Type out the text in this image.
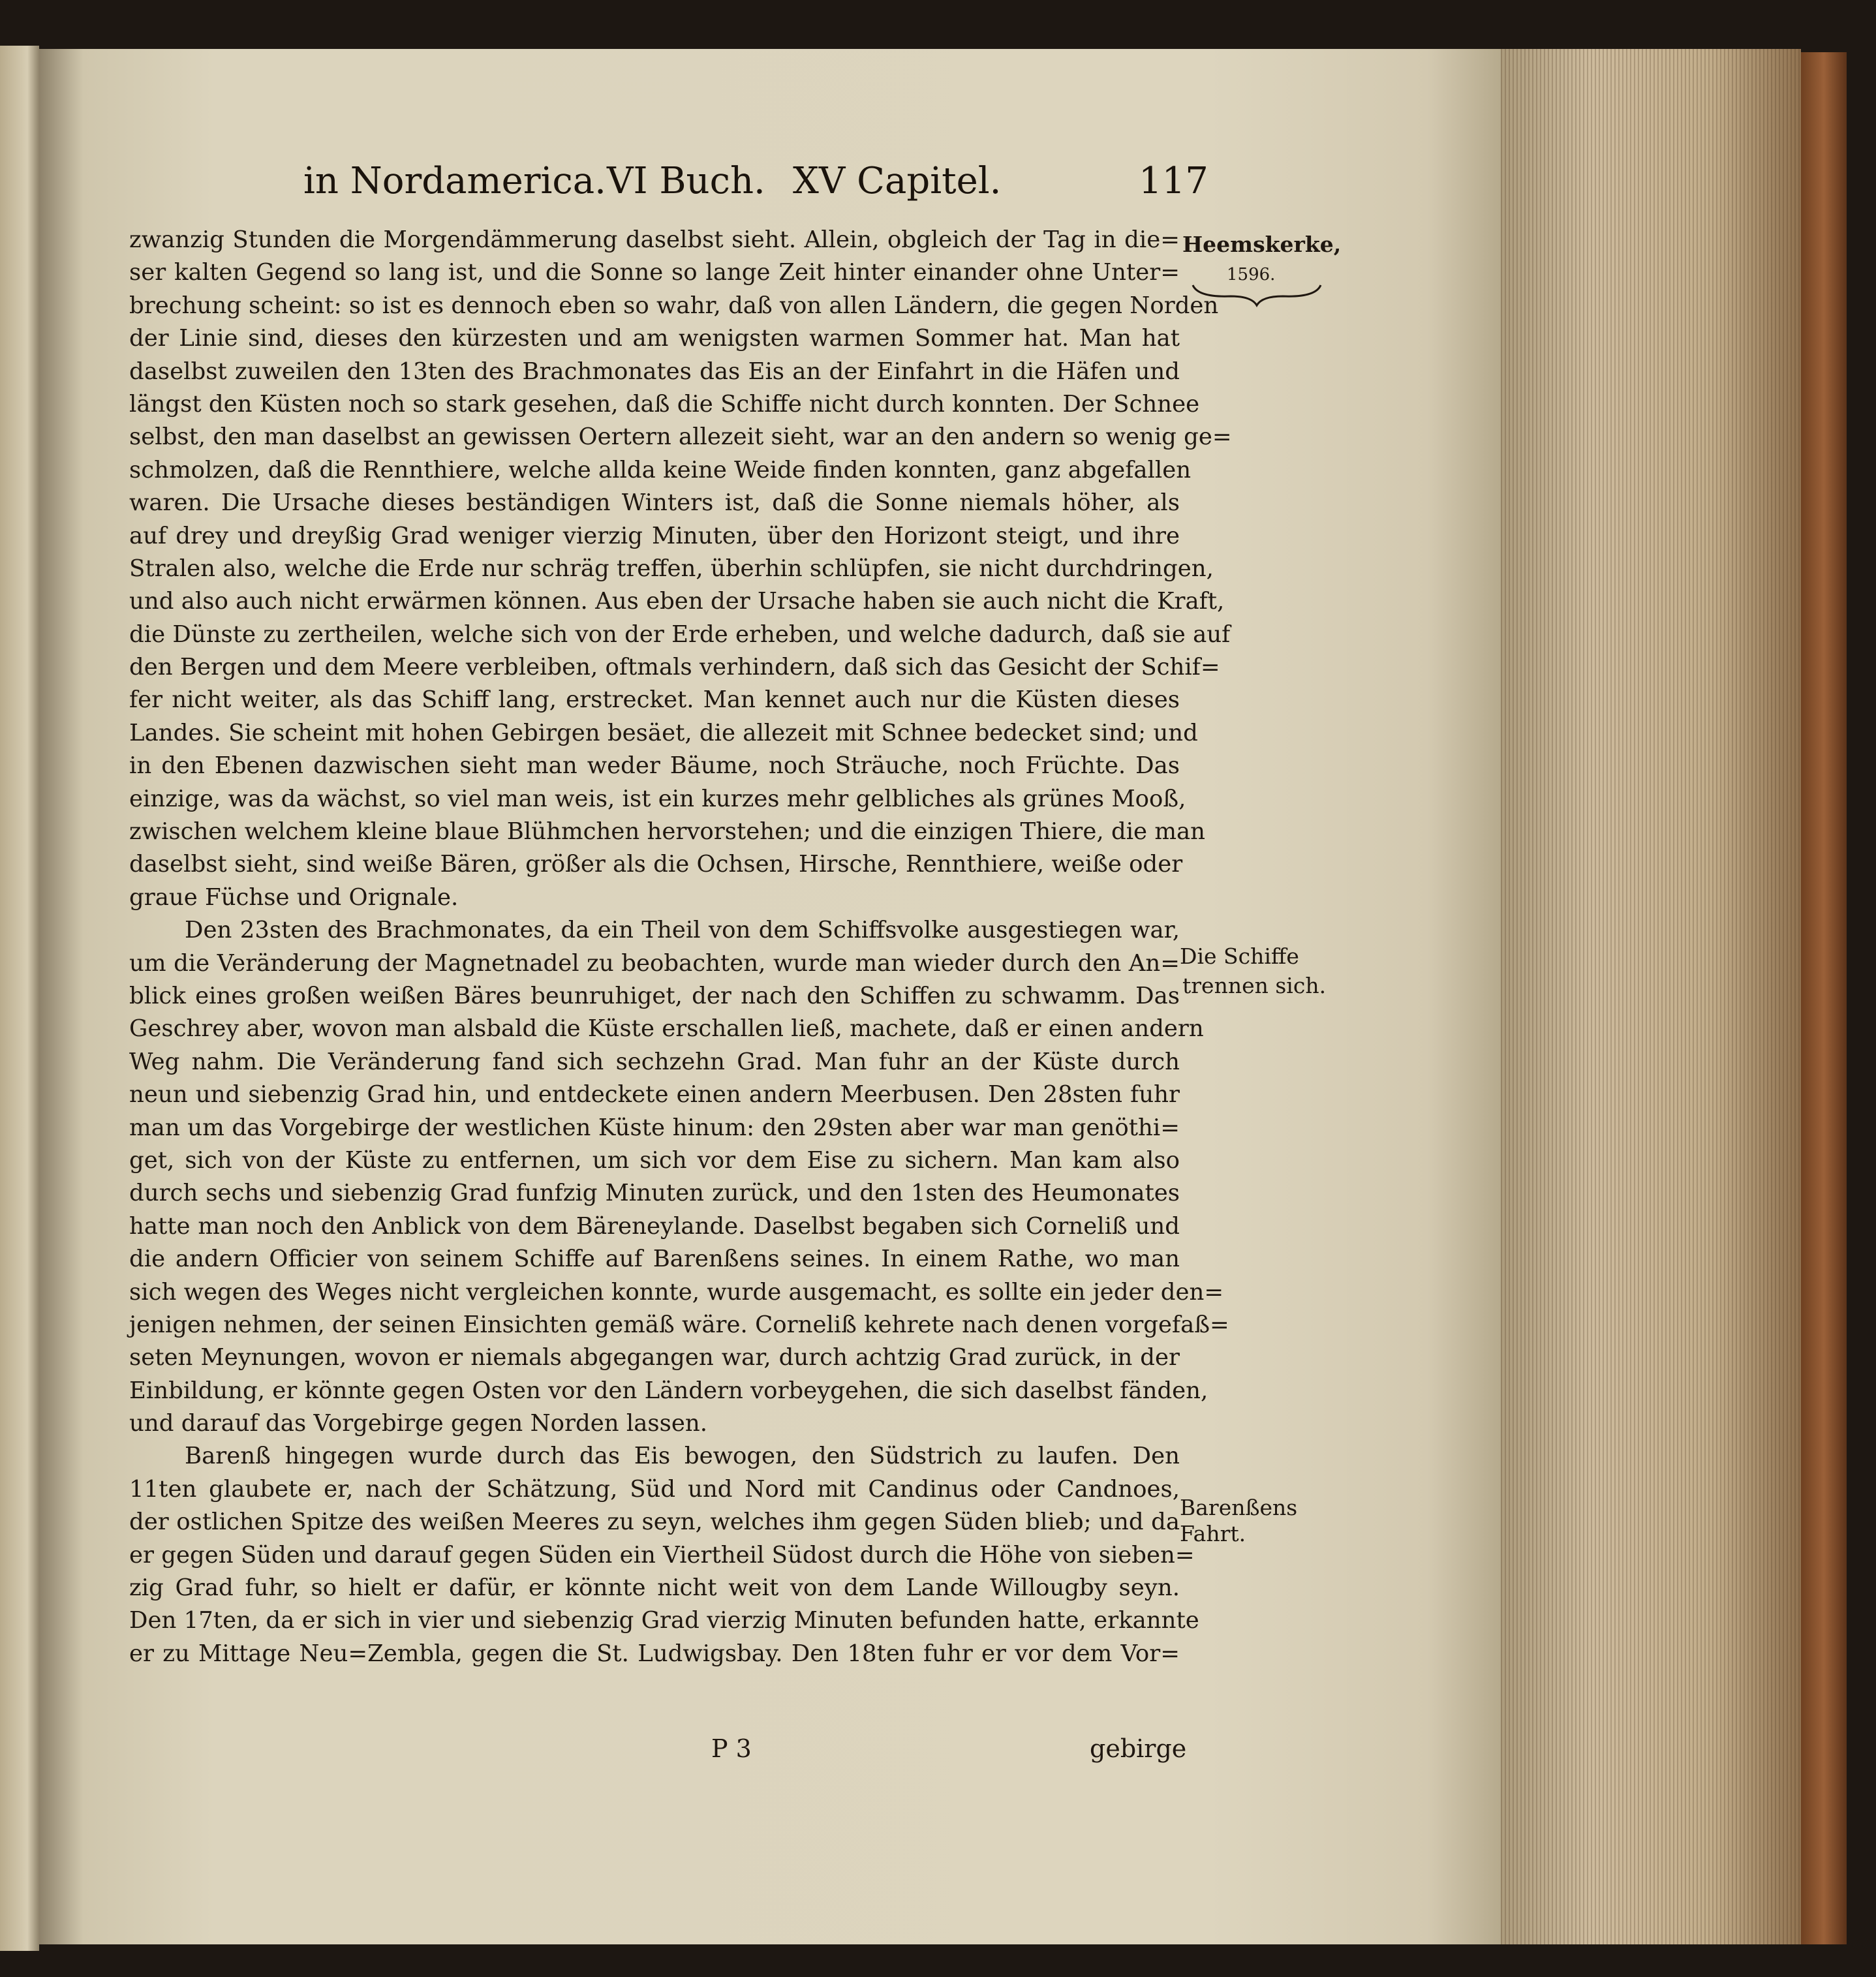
in Nordamerica. VI Buch. XV Capitel.	117
Heemskerke,
1596.
Die Schiffe
trennen sich.
Barenßens
Fahrt.
zwanzig Stunden die Morgendämmerung daselbst sieht. Allein, obgleich der Tag in die=
ser kalten Gegend so lang ist, und die Sonne so lange Zeit hinter einander ohne Unter=
brechung scheint: so ist es dennoch eben so wahr, daß von allen Ländern, die gegen Norden
der Linie sind, dieses den kürzesten und am wenigsten warmen Sommer hat. Man hat
daselbst zuweilen den 13ten des Brachmonates das Eis an der Einfahrt in die Häfen und
längst den Küsten noch so stark gesehen, daß die Schiffe nicht durch konnten. Der Schnee
selbst, den man daselbst an gewissen Oertern allezeit sieht, war an den andern so wenig ge=
schmolzen, daß die Rennthiere, welche allda keine Weide finden konnten, ganz abgefallen
waren. Die Ursache dieses beständigen Winters ist, daß die Sonne niemals höher, als
auf drey und dreyßig Grad weniger vierzig Minuten, über den Horizont steigt, und ihre
Stralen also, welche die Erde nur schräg treffen, überhin schlüpfen, sie nicht durchdringen,
und also auch nicht erwärmen können. Aus eben der Ursache haben sie auch nicht die Kraft,
die Dünste zu zertheilen, welche sich von der Erde erheben, und welche dadurch, daß sie auf
den Bergen und dem Meere verbleiben, oftmals verhindern, daß sich das Gesicht der Schif=
fer nicht weiter, als das Schiff lang, erstrecket. Man kennet auch nur die Küsten dieses
Landes. Sie scheint mit hohen Gebirgen besäet, die allezeit mit Schnee bedecket sind; und
in den Ebenen dazwischen sieht man weder Bäume, noch Sträuche, noch Früchte. Das
einzige, was da wächst, so viel man weis, ist ein kurzes mehr gelbliches als grünes Mooß,
zwischen welchem kleine blaue Blühmchen hervorstehen; und die einzigen Thiere, die man
daselbst sieht, sind weiße Bären, größer als die Ochsen, Hirsche, Rennthiere, weiße oder
graue Füchse und Orignale.
Den 23sten des Brachmonates, da ein Theil von dem Schiffsvolke ausgestiegen war,
um die Veränderung der Magnetnadel zu beobachten, wurde man wieder durch den An=
blick eines großen weißen Bäres beunruhiget, der nach den Schiffen zu schwamm. Das
Geschrey aber, wovon man alsbald die Küste erschallen ließ, machete, daß er einen andern
Weg nahm. Die Veränderung fand sich sechzehn Grad. Man fuhr an der Küste durch
neun und siebenzig Grad hin, und entdeckete einen andern Meerbusen. Den 28sten fuhr
man um das Vorgebirge der westlichen Küste hinum: den 29sten aber war man genöthi=
get, sich von der Küste zu entfernen, um sich vor dem Eise zu sichern. Man kam also
durch sechs und siebenzig Grad funfzig Minuten zurück, und den 1sten des Heumonates
hatte man noch den Anblick von dem Bäreneylande. Daselbst begaben sich Corneliß und
die andern Officier von seinem Schiffe auf Barenßens seines. In einem Rathe, wo man
sich wegen des Weges nicht vergleichen konnte, wurde ausgemacht, es sollte ein jeder den=
jenigen nehmen, der seinen Einsichten gemäß wäre. Corneliß kehrete nach denen vorgefaß=
seten Meynungen, wovon er niemals abgegangen war, durch achtzig Grad zurück, in der
Einbildung, er könnte gegen Osten vor den Ländern vorbeygehen, die sich daselbst fänden,
und darauf das Vorgebirge gegen Norden lassen.
Barenß hingegen wurde durch das Eis bewogen, den Südstrich zu laufen. Den
11ten glaubete er, nach der Schätzung, Süd und Nord mit Candinus oder Candnoes,
der ostlichen Spitze des weißen Meeres zu seyn, welches ihm gegen Süden blieb; und da
er gegen Süden und darauf gegen Süden ein Viertheil Südost durch die Höhe von sieben=
zig Grad fuhr, so hielt er dafür, er könnte nicht weit von dem Lande Willougby seyn.
Den 17ten, da er sich in vier und siebenzig Grad vierzig Minuten befunden hatte, erkannte
er zu Mittage Neu=Zembla, gegen die St. Ludwigsbay. Den 18ten fuhr er vor dem Vor=
P 3	gebirge
